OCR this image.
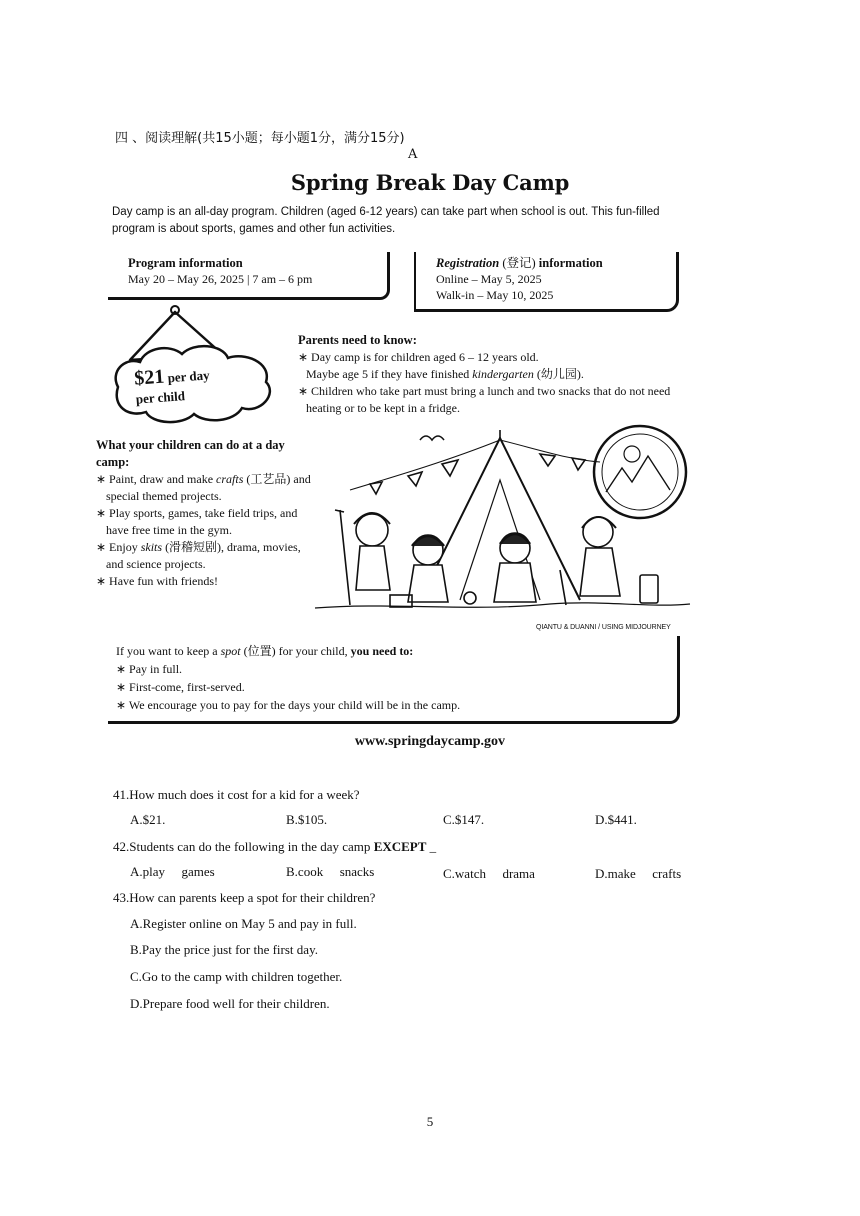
四 、阅读理解(共15小题；每小题1分，满分15分)
A
Spring Break Day Camp
Day camp is an all-day program. Children (aged 6-12 years) can take part when school is out. This fun-filled program is about sports, games and other fun activities.
Program information
May 20 – May 26, 2025 | 7 am – 6 pm
Registration (登记) information
Online – May 5, 2025
Walk-in – May 10, 2025
$21 per day
per child
Parents need to know:
∗ Day camp is for children aged 6 – 12 years old.
Maybe age 5 if they have finished kindergarten (幼儿园).
∗ Children who take part must bring a lunch and two snacks that do not need heating or to be kept in a fridge.
What your children can do at a day camp:
∗ Paint, draw and make crafts (工艺品) and special themed projects.
∗ Play sports, games, take field trips, and have free time in the gym.
∗ Enjoy skits (滑稽短剧), drama, movies, and science projects.
∗ Have fun with friends!
QIANTU & DUANNI / USING MIDJOURNEY
If you want to keep a spot (位置) for your child, you need to:
∗ Pay in full.
∗ First-come, first-served.
∗ We encourage you to pay for the days your child will be in the camp.
www.springdaycamp.gov
41.How much does it cost for a kid for a week?
A.$21.	B.$105.	C.$147.	D.$441.
42.Students can do the following in the day camp EXCEPT _
A.play  games	B.cook  snacks	C.watch  drama	D.make  crafts
43.How can parents keep a spot for their children?
A.Register online on May 5 and pay in full.
B.Pay the price just for the first day.
C.Go to the camp with children together.
D.Prepare food well for their children.
5
